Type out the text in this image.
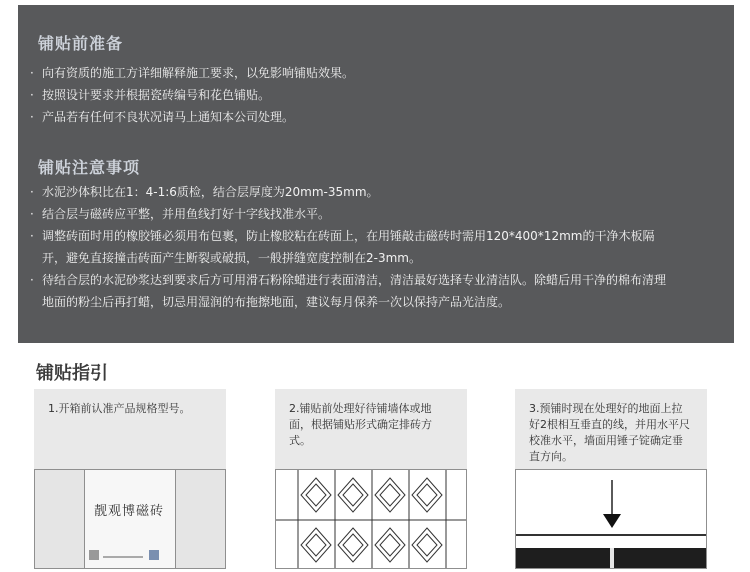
铺贴前准备
· 向有资质的施工方详细解释施工要求，以免影响铺贴效果。
· 按照设计要求并根据瓷砖编号和花色铺贴。
· 产品若有任何不良状况请马上通知本公司处理。
铺贴注意事项
· 水泥沙体积比在1：4-1:6质检，结合层厚度为20mm-35mm。
· 结合层与磁砖应平整，并用鱼线打好十字线找准水平。
· 调整砖面时用的橡胶锤必须用布包裹，防止橡胶粘在砖面上，在用锤敲击磁砖时需用120*400*12mm的干净木板隔
开，避免直接撞击砖面产生断裂或破损，一般拼缝宽度控制在2-3mm。
· 待结合层的水泥砂浆达到要求后方可用滑石粉除蜡进行表面清洁，清洁最好选择专业清洁队。除蜡后用干净的棉布清理
地面的粉尘后再打蜡，切忌用湿润的布拖擦地面，建议每月保养一次以保持产品光洁度。
铺贴指引
1.开箱前认准产品规格型号。
靓观博磁砖
2.铺贴前处理好待铺墙体或地面，根据铺贴形式确定排砖方式。
3.预铺时现在处理好的地面上拉好2根相互垂直的线，并用水平尺校准水平，墙面用锤子锭确定垂直方向。
